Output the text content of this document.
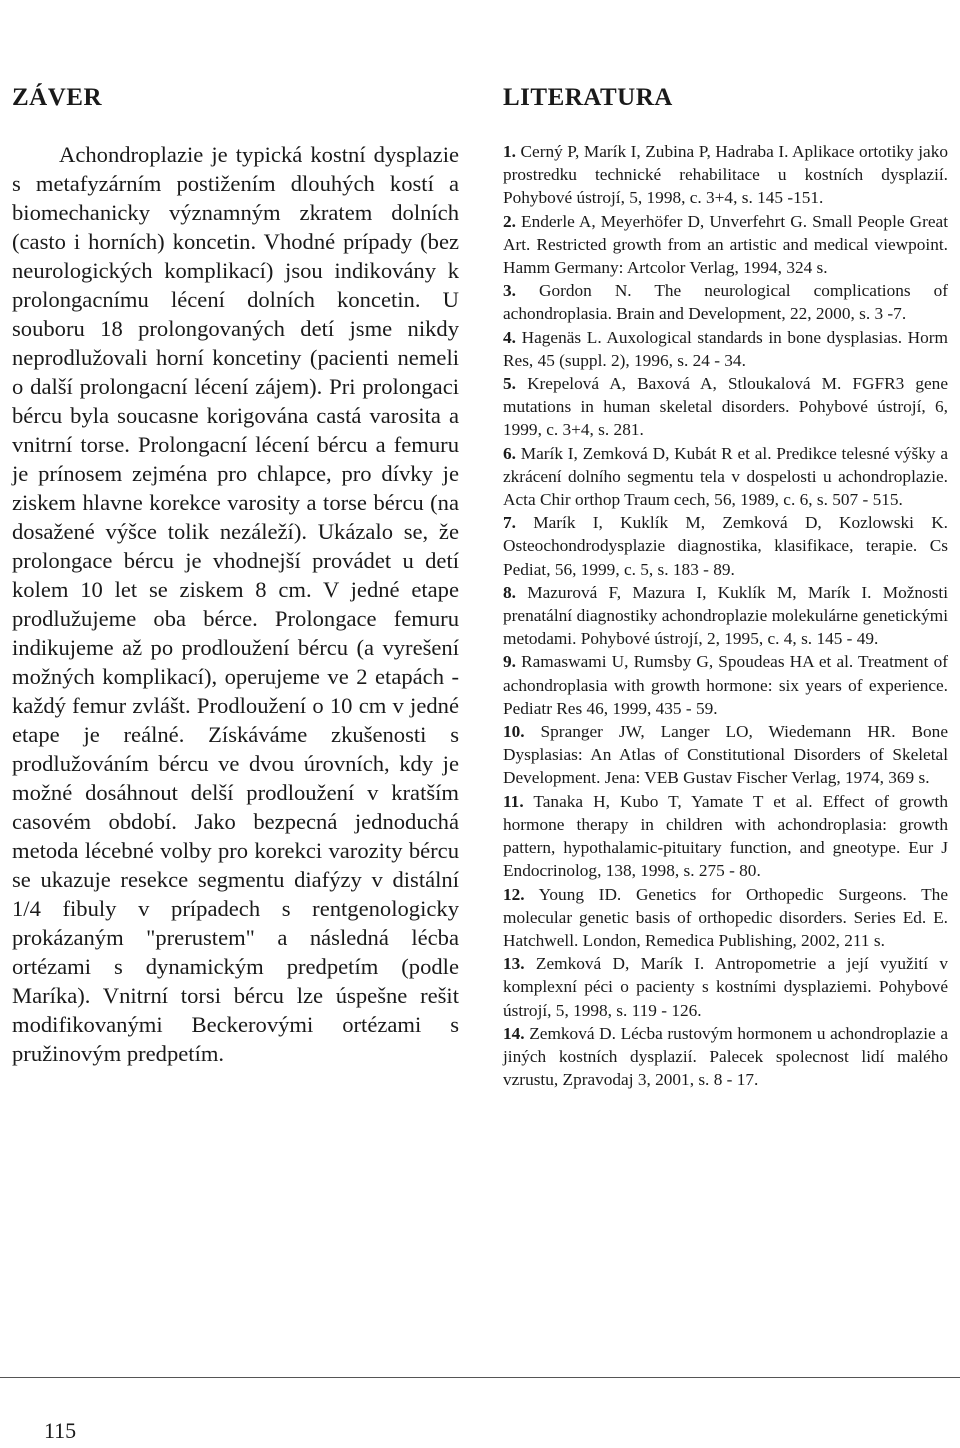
ZÁVER

Achondroplazie je typická kostní dysplazie s metafyzárním postižením dlouhých kostí a biomechanicky významným zkratem dolních (casto i horních) koncetin. Vhodné prípady (bez neurologických komplikací) jsou indikovány k prolongacnímu lécení dolních koncetin. U souboru 18 prolongovaných detí jsme nikdy neprodlužovali horní koncetiny (pacienti nemeli o další prolongacní lécení zájem). Pri prolongaci bércu byla soucasne korigována castá varosita a vnitrní torse. Prolongacní lécení bércu a femuru je prínosem zejména pro chlapce, pro dívky je ziskem hlavne korekce varosity a torse bércu (na dosažené výšce tolik nezáleží). Ukázalo se, že prolongace bércu je vhodnejší provádet u detí kolem 10 let se ziskem 8 cm. V jedné etape prodlužujeme oba bérce. Prolongace femuru indikujeme až po prodloužení bércu (a vyrešení možných komplikací), operujeme ve 2 etapách - každý femur zvlášt. Prodloužení o 10 cm v jedné etape je reálné. Získáváme zkušenosti s prodlužováním bércu ve dvou úrovních, kdy je možné dosáhnout delší prodloužení v kratším casovém období. Jako bezpecná jednoduchá metoda lécebné volby pro korekci varozity bércu se ukazuje resekce segmentu diafýzy v distální 1/4 fibuly v prípadech s rentgenologicky prokázaným "prerustem" a následná lécba ortézami s dynamickým predpetím (podle Maríka). Vnitrní torsi bércu lze úspešne rešit modifikovanými Beckerovými ortézami s pružinovým predpetím.

LITERATURA

1. Cerný P, Marík I, Zubina P, Hadraba I. Aplikace ortotiky jako prostredku technické rehabilitace u kostních dysplazií. Pohybové ústrojí, 5, 1998, c. 3+4, s. 145 -151.

2. Enderle A, Meyerhöfer D, Unverfehrt G. Small People Great Art. Restricted growth from an artistic and medical viewpoint. Hamm Germany: Artcolor Verlag, 1994, 324 s.

3. Gordon N. The neurological complications of achondroplasia. Brain and Development, 22, 2000, s. 3 -7.

4. Hagenäs L. Auxological standards in bone dysplasias. Horm Res, 45 (suppl. 2), 1996, s. 24 - 34.

5. Krepelová A, Baxová A, Stloukalová M. FGFR3 gene mutations in human skeletal disorders. Pohybové ústrojí, 6, 1999, c. 3+4, s. 281.

6. Marík I, Zemková D, Kubát R et al. Predikce telesné výšky a zkrácení dolního segmentu tela v dospelosti u achondroplazie. Acta Chir orthop Traum cech, 56, 1989, c. 6, s. 507 - 515.

7. Marík I, Kuklík M, Zemková D, Kozlowski K. Osteochondrodysplazie diagnostika, klasifikace, terapie. Cs Pediat, 56, 1999, c. 5, s. 183 - 89.

8. Mazurová F, Mazura I, Kuklík M, Marík I. Možnosti prenatální diagnostiky achondroplazie molekulárne genetickými metodami. Pohybové ústrojí, 2, 1995, c. 4, s. 145 - 49.

9. Ramaswami U, Rumsby G, Spoudeas HA et al. Treatment of achondroplasia with growth hormone: six years of experience. Pediatr Res 46, 1999, 435 - 59.

10. Spranger JW, Langer LO, Wiedemann HR. Bone Dysplasias: An Atlas of Constitutional Disorders of Skeletal Development. Jena: VEB Gustav Fischer Verlag, 1974, 369 s.

11. Tanaka H, Kubo T, Yamate T et al. Effect of growth hormone therapy in children with achondroplasia: growth pattern, hypothalamic-pituitary function, and gneotype. Eur J Endocrinolog, 138, 1998, s. 275 - 80.

12. Young ID. Genetics for Orthopedic Surgeons. The molecular genetic basis of orthopedic disorders. Series Ed. E. Hatchwell. London, Remedica Publishing, 2002, 211 s.

13. Zemková D, Marík I. Antropometrie a její využití v komplexní péci o pacienty s kostními dysplaziemi. Pohybové ústrojí, 5, 1998, s. 119 - 126.

14. Zemková D. Lécba rustovým hormonem u achondroplazie a jiných kostních dysplazií. Palecek spolecnost lidí malého vzrustu, Zpravodaj 3, 2001, s. 8 - 17.

115
